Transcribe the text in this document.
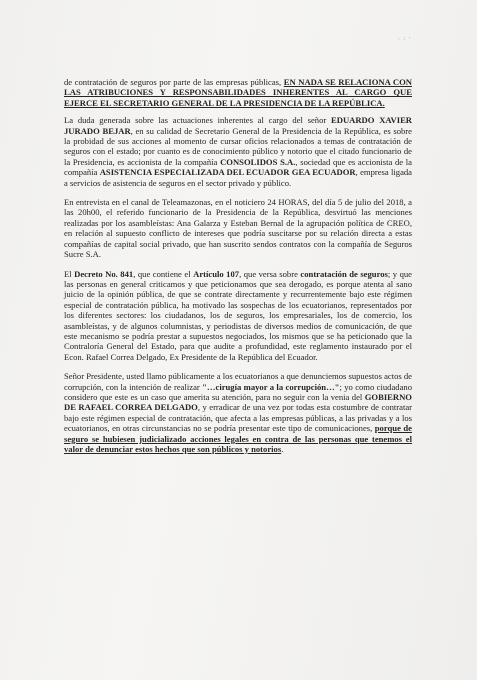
· : ·

de contratación de seguros por parte de las empresas públicas, EN NADA SE RELACIONA CON LAS ATRIBUCIONES Y RESPONSABILIDADES INHERENTES AL CARGO QUE EJERCE EL SECRETARIO GENERAL DE LA PRESIDENCIA DE LA REPÚBLICA.

La duda generada sobre las actuaciones inherentes al cargo del señor EDUARDO XAVIER JURADO BEJAR, en su calidad de Secretario General de la Presidencia de la República, es sobre la probidad de sus acciones al momento de cursar oficios relacionados a temas de contratación de seguros con el estado; por cuanto es de conocimiento público y notorio que el citado funcionario de la Presidencia, es accionista de la compañía CONSOLIDOS S.A., sociedad que es accionista de la compañía ASISTENCIA ESPECIALIZADA DEL ECUADOR GEA ECUADOR, empresa ligada a servicios de asistencia de seguros en el sector privado y público.

En entrevista en el canal de Teleamazonas, en el noticiero 24 HORAS, del día 5 de julio del 2018, a las 20h00, el referido funcionario de la Presidencia de la República, desvirtuó las menciones realizadas por los asambleístas: Ana Galarza y Esteban Bernal de la agrupación política de CREO, en relación al supuesto conflicto de intereses que podría suscitarse por su relación directa a estas compañías de capital social privado, que han suscrito sendos contratos con la compañía de Seguros Sucre S.A.

El Decreto No. 841, que contiene el Artículo 107, que versa sobre contratación de seguros; y que las personas en general criticamos y que peticionamos que sea derogado, es porque atenta al sano juicio de la opinión pública, de que se contrate directamente y recurrentemente bajo este régimen especial de contratación pública, ha motivado las sospechas de los ecuatorianos, representados por los diferentes sectores: los ciudadanos, los de seguros, los empresariales, los de comercio, los asambleístas, y de algunos columnistas, y periodistas de diversos medios de comunicación, de que este mecanismo se podría prestar a supuestos negociados, los mismos que se ha peticionado que la Contraloría General del Estado, para que audite a profundidad, este reglamento instaurado por el Econ. Rafael Correa Delgado, Ex Presidente de la República del Ecuador.

Señor Presidente, usted llamo públicamente a los ecuatorianos a que denunciemos supuestos actos de corrupción, con la intención de realizar "…cirugía mayor a la corrupción…"; yo como ciudadano considero que este es un caso que amerita su atención, para no seguir con la venia del GOBIERNO DE RAFAEL CORREA DELGADO, y erradicar de una vez por todas esta costumbre de contratar bajo este régimen especial de contratación, que afecta a las empresas públicas, a las privadas y a los ecuatorianos, en otras circunstancias no se podría presentar este tipo de comunicaciones, porque de seguro se hubiesen judicializado acciones legales en contra de las personas que tenemos el valor de denunciar estos hechos que son públicos y notorios.
